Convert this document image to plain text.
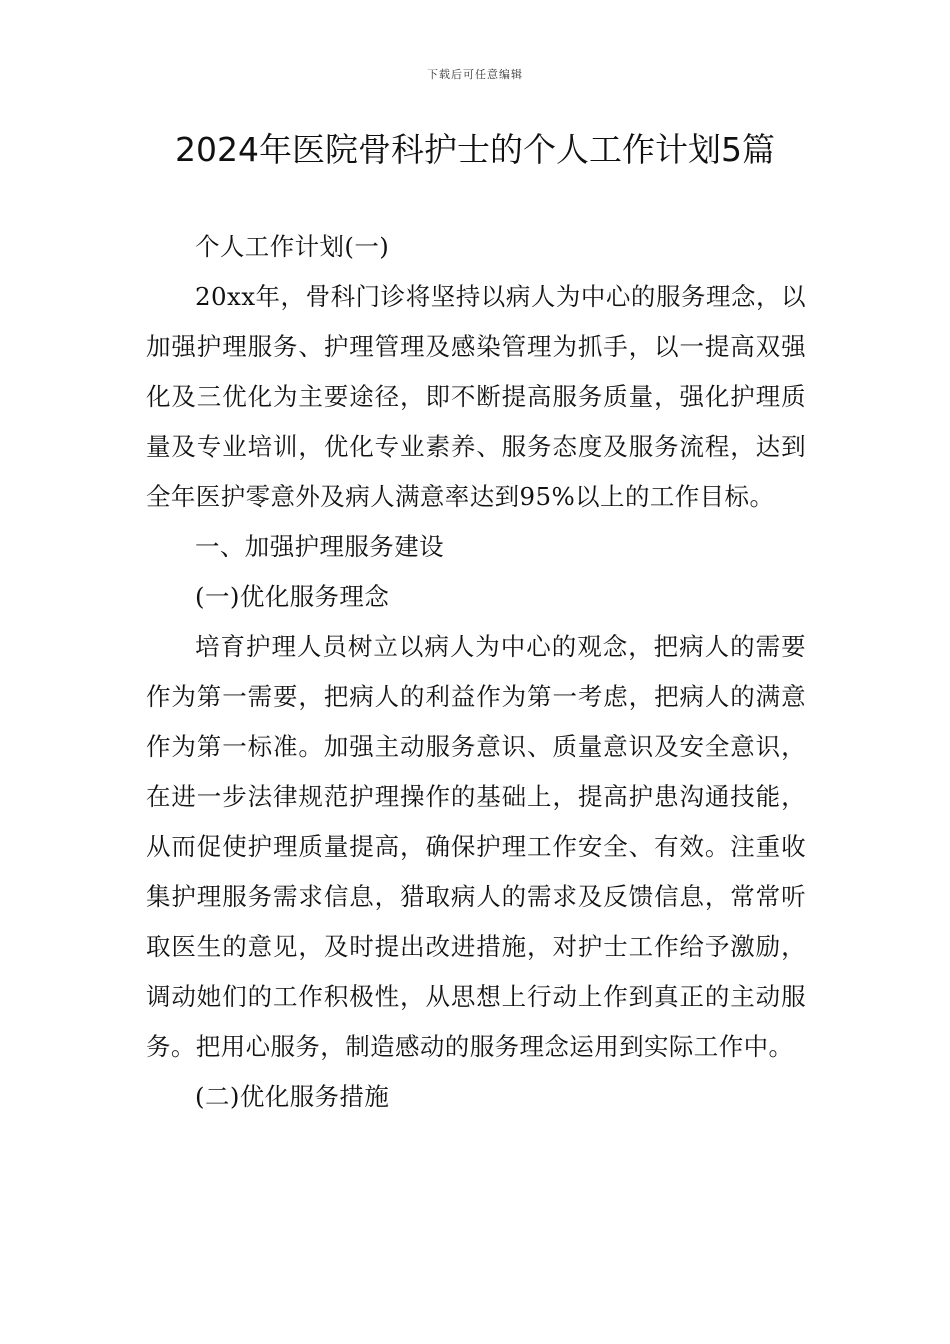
下载后可任意编辑
2024年医院骨科护士的个人工作计划5篇

个人工作计划(一)

20xx年，骨科门诊将坚持以病人为中心的服务理念，以加强护理服务、护理管理及感染管理为抓手，以一提高双强化及三优化为主要途径，即不断提高服务质量，强化护理质量及专业培训，优化专业素养、服务态度及服务流程，达到全年医护零意外及病人满意率达到95%以上的工作目标。

一、加强护理服务建设

(一)优化服务理念

培育护理人员树立以病人为中心的观念，把病人的需要作为第一需要，把病人的利益作为第一考虑，把病人的满意作为第一标准。加强主动服务意识、质量意识及安全意识，在进一步法律规范护理操作的基础上，提高护患沟通技能，从而促使护理质量提高，确保护理工作安全、有效。注重收集护理服务需求信息，猎取病人的需求及反馈信息，常常听取医生的意见，及时提出改进措施，对护士工作给予激励，调动她们的工作积极性，从思想上行动上作到真正的主动服务。把用心服务，制造感动的服务理念运用到实际工作中。

(二)优化服务措施
